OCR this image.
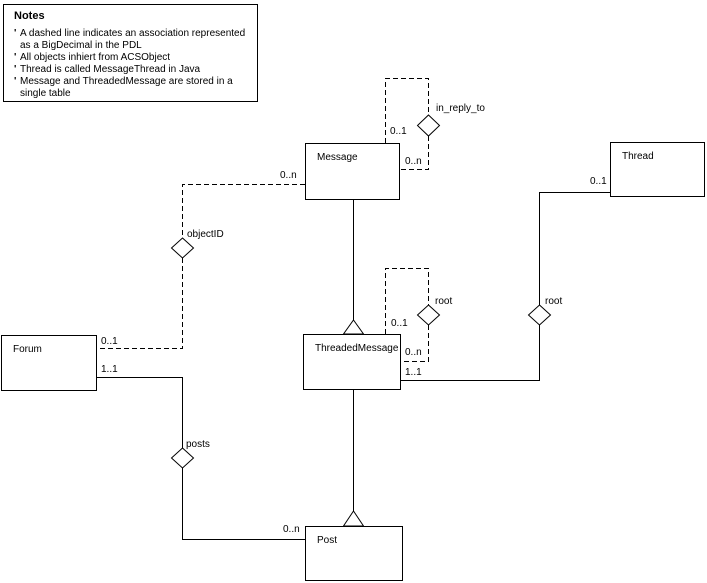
Notes
' A dashed line indicates an association represented as a BigDecimal in the PDL
' All objects inhiert from ACSObject
' Thread is called MessageThread in Java
' Message and ThreadedMessage are stored in a single table
Message	Thread
ThreadedMessage
Forum
Post
in_reply_to
objectID
root	root
posts
0..1
0..n
0..n
0..1
0..1
0..n
0..1
1..1
1..1
0..n
